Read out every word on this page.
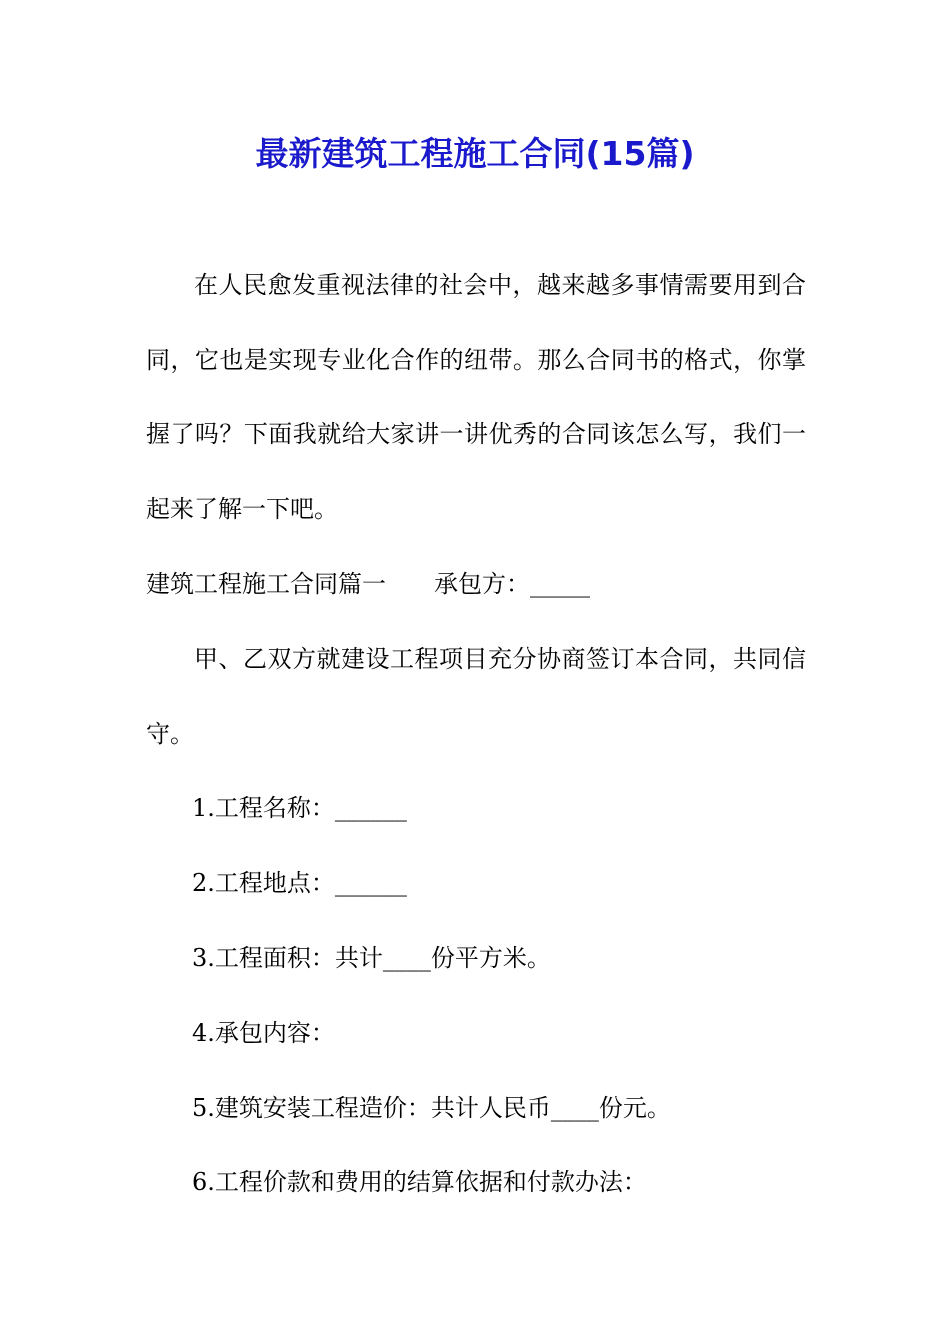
最新建筑工程施工合同(15篇)
在人民愈发重视法律的社会中，越来越多事情需要用到合同，它也是实现专业化合作的纽带。那么合同书的格式，你掌握了吗？下面我就给大家讲一讲优秀的合同该怎么写，我们一起来了解一下吧。
建筑工程施工合同篇一　　承包方：_____
甲、乙双方就建设工程项目充分协商签订本合同，共同信守。
1.工程名称：______
2.工程地点：______
3.工程面积：共计____份平方米。
4.承包内容：
5.建筑安装工程造价：共计人民币____份元。
6.工程价款和费用的结算依据和付款办法：
